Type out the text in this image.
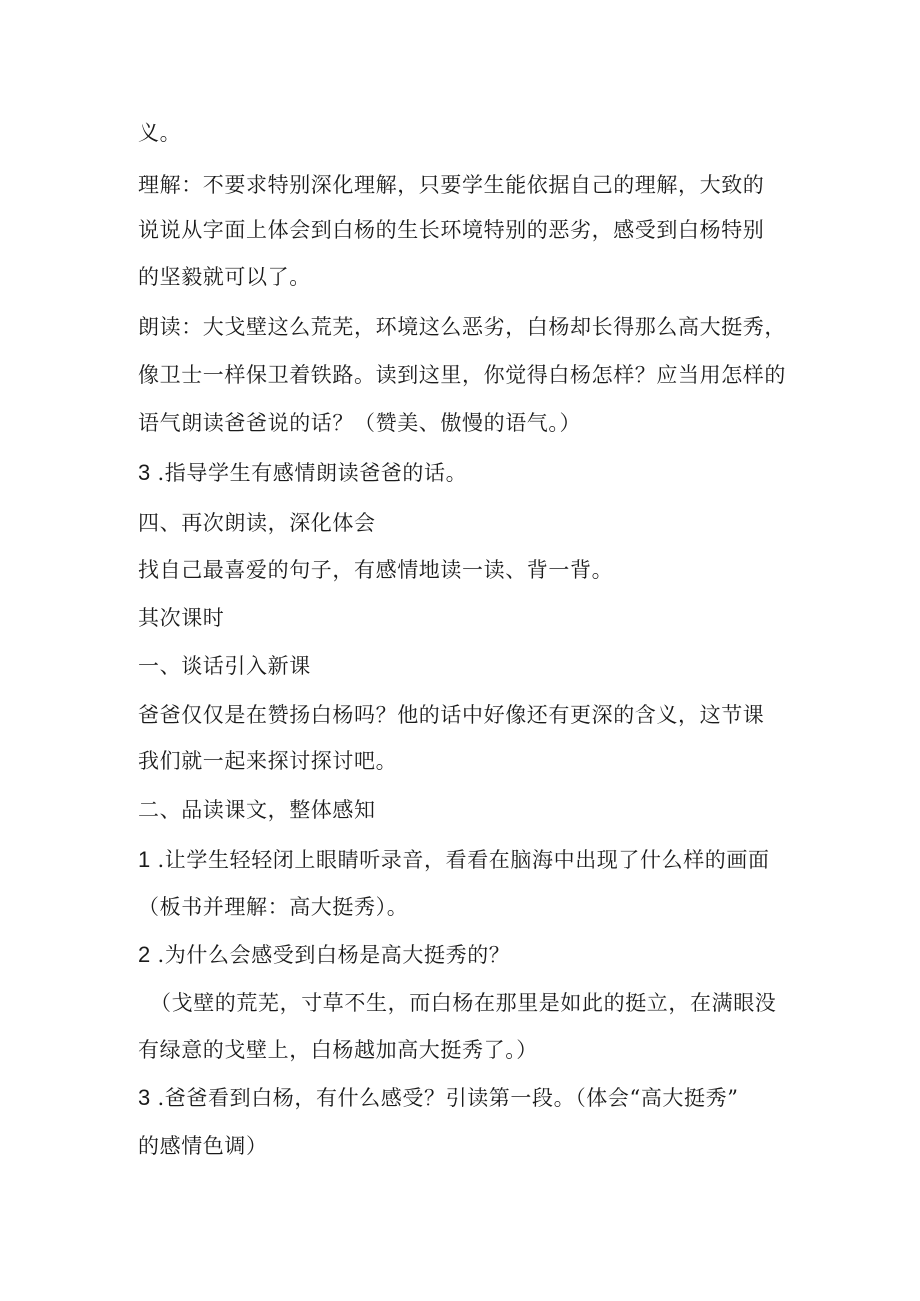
义。
理解：不要求特别深化理解，只要学生能依据自己的理解，大致的
说说从字面上体会到白杨的生长环境特别的恶劣，感受到白杨特别
的坚毅就可以了。
朗读：大戈壁这么荒芜，环境这么恶劣，白杨却长得那么高大挺秀，
像卫士一样保卫着铁路。读到这里，你觉得白杨怎样？应当用怎样的
语气朗读爸爸说的话？（赞美、傲慢的语气。）
3 .指导学生有感情朗读爸爸的话。
四、再次朗读，深化体会
找自己最喜爱的句子，有感情地读一读、背一背。
其次课时
一、谈话引入新课
爸爸仅仅是在赞扬白杨吗？他的话中好像还有更深的含义，这节课
我们就一起来探讨探讨吧。
二、品读课文，整体感知
1 .让学生轻轻闭上眼睛听录音，看看在脑海中出现了什么样的画面
（板书并理解：高大挺秀）。
2 .为什么会感受到白杨是高大挺秀的？
（戈壁的荒芜，寸草不生，而白杨在那里是如此的挺立，在满眼没
有绿意的戈壁上，白杨越加高大挺秀了。）
3 .爸爸看到白杨，有什么感受？引读第一段。（体会“高大挺秀”
的感情色调）
